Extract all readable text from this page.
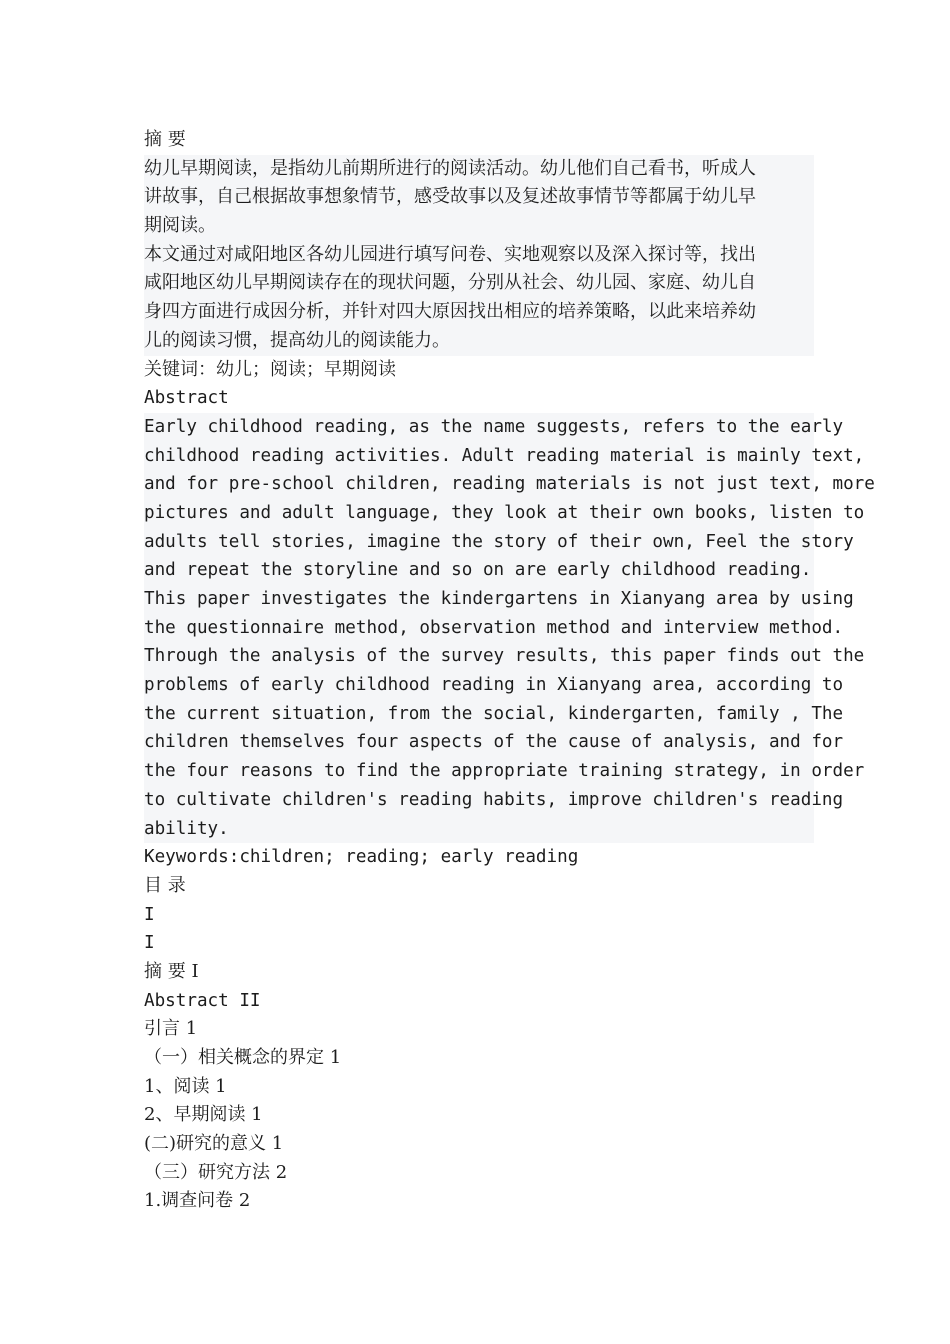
摘 要
幼儿早期阅读，是指幼儿前期所进行的阅读活动。幼儿他们自己看书，听成人
讲故事，自己根据故事想象情节，感受故事以及复述故事情节等都属于幼儿早
期阅读。
本文通过对咸阳地区各幼儿园进行填写问卷、实地观察以及深入探讨等，找出
咸阳地区幼儿早期阅读存在的现状问题，分别从社会、幼儿园、家庭、幼儿自
身四方面进行成因分析，并针对四大原因找出相应的培养策略，以此来培养幼
儿的阅读习惯，提高幼儿的阅读能力。
关键词：幼儿；阅读；早期阅读
Abstract
Early childhood reading, as the name suggests, refers to the early
childhood reading activities. Adult reading material is mainly text,
and for pre-school children, reading materials is not just text, more
pictures and adult language, they look at their own books, listen to
adults tell stories, imagine the story of their own, Feel the story
and repeat the storyline and so on are early childhood reading.
This paper investigates the kindergartens in Xianyang area by using
the questionnaire method, observation method and interview method.
Through the analysis of the survey results, this paper finds out the
problems of early childhood reading in Xianyang area, according to
the current situation, from the social, kindergarten, family , The
children themselves four aspects of the cause of analysis, and for
the four reasons to find the appropriate training strategy, in order
to cultivate children's reading habits, improve children's reading
ability.
Keywords:children; reading; early reading
目 录
I
I
摘 要 I
Abstract II
引言 1
（一）相关概念的界定 1
1、阅读 1
2、早期阅读 1
(二)研究的意义 1
（三）研究方法 2
1.调查问卷 2
